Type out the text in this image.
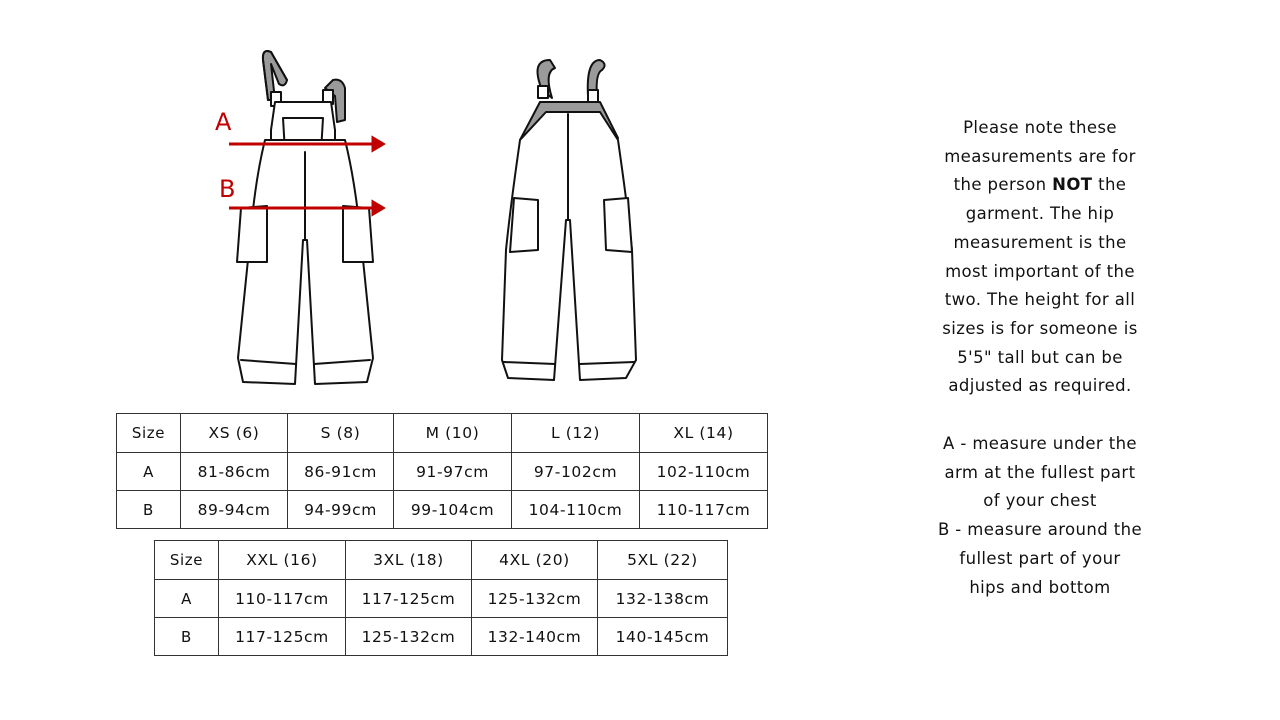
A
B
Size	XS (6)	S (8)	M (10)	L (12)	XL (14)
A	81-86cm	86-91cm	91-97cm	97-102cm	102-110cm
B	89-94cm	94-99cm	99-104cm	104-110cm	110-117cm
Size	XXL (16)	3XL (18)	4XL (20)	5XL (22)
A	110-117cm	117-125cm	125-132cm	132-138cm
B	117-125cm	125-132cm	132-140cm	140-145cm

Please note these

measurements are for

the person NOT the

garment. The hip

measurement is the

most important of the

two. The height for all

sizes is for someone is

5'5" tall but can be

adjusted as required.

A - measure under the

arm at the fullest part

of your chest

B - measure around the

fullest part of your

hips and bottom
